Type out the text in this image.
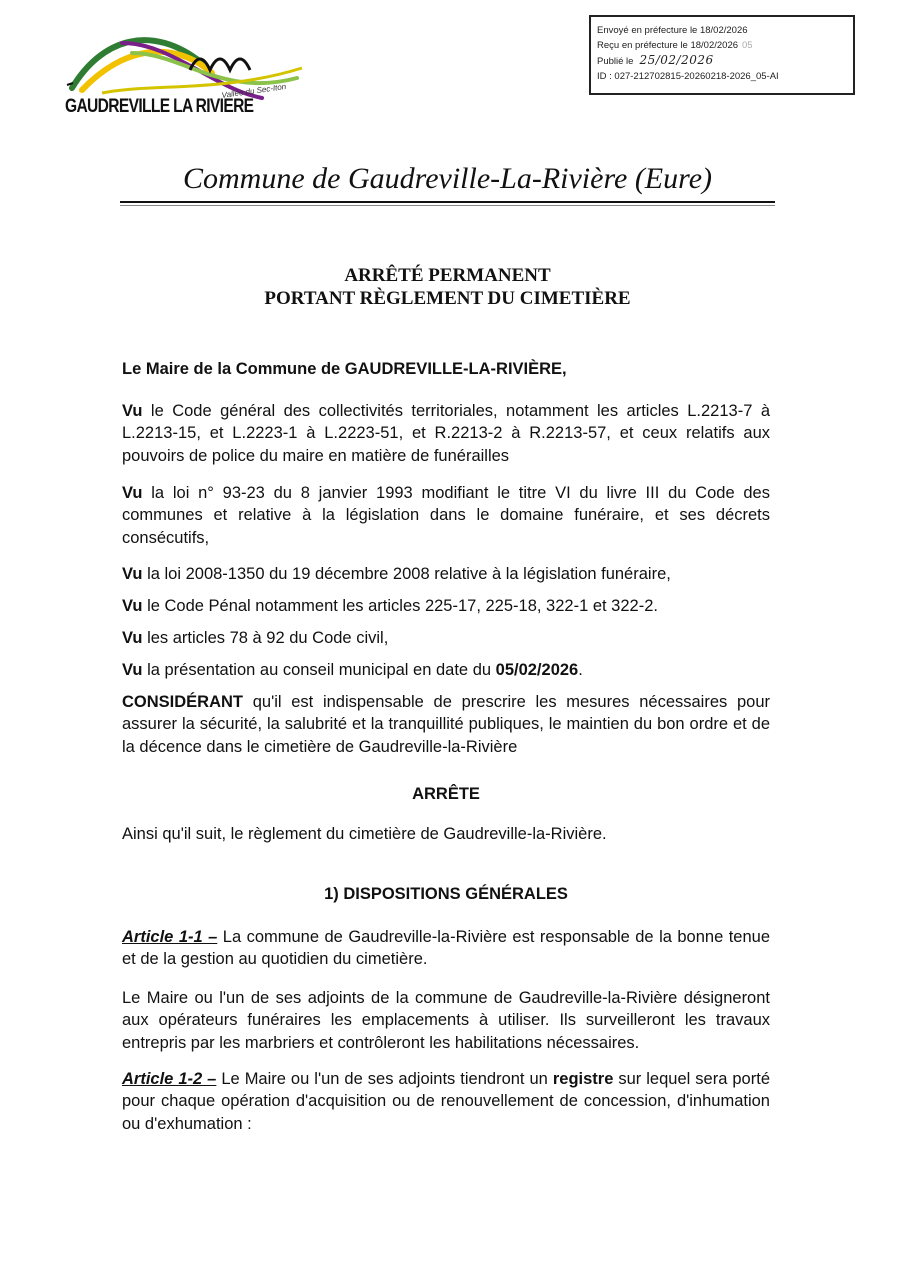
Envoyé en préfecture le 18/02/2026
Reçu en préfecture le 18/02/2026 05
Publié le 25/02/2026
ID : 027-212702815-20260218-2026_05-AI
Vallée du Sec-Iton
GAUDREVILLE LA RIVIERE
Commune de Gaudreville-La-Rivière (Eure)
ARRÊTÉ PERMANENT
PORTANT RÈGLEMENT DU CIMETIÈRE
Le Maire de la Commune de GAUDREVILLE-LA-RIVIÈRE,
Vu le Code général des collectivités territoriales, notamment les articles L.2213-7 à L.2213-15, et L.2223-1 à L.2223-51, et R.2213-2 à R.2213-57, et ceux relatifs aux pouvoirs de police du maire en matière de funérailles
Vu la loi n° 93-23 du 8 janvier 1993 modifiant le titre VI du livre III du Code des communes et relative à la législation dans le domaine funéraire, et ses décrets consécutifs,
Vu la loi 2008-1350 du 19 décembre 2008 relative à la législation funéraire,
Vu le Code Pénal notamment les articles 225-17, 225-18, 322-1 et 322-2.
Vu les articles 78 à 92 du Code civil,
Vu la présentation au conseil municipal en date du 05/02/2026.
CONSIDÉRANT qu'il est indispensable de prescrire les mesures nécessaires pour assurer la sécurité, la salubrité et la tranquillité publiques, le maintien du bon ordre et de la décence dans le cimetière de Gaudreville-la-Rivière
ARRÊTE
Ainsi qu'il suit, le règlement du cimetière de Gaudreville-la-Rivière.
1) DISPOSITIONS GÉNÉRALES
Article 1-1 – La commune de Gaudreville-la-Rivière est responsable de la bonne tenue et de la gestion au quotidien du cimetière.
Le Maire ou l'un de ses adjoints de la commune de Gaudreville-la-Rivière désigneront aux opérateurs funéraires les emplacements à utiliser. Ils surveilleront les travaux entrepris par les marbriers et contrôleront les habilitations nécessaires.
Article 1-2 – Le Maire ou l'un de ses adjoints tiendront un registre sur lequel sera porté pour chaque opération d'acquisition ou de renouvellement de concession, d'inhumation ou d'exhumation :
